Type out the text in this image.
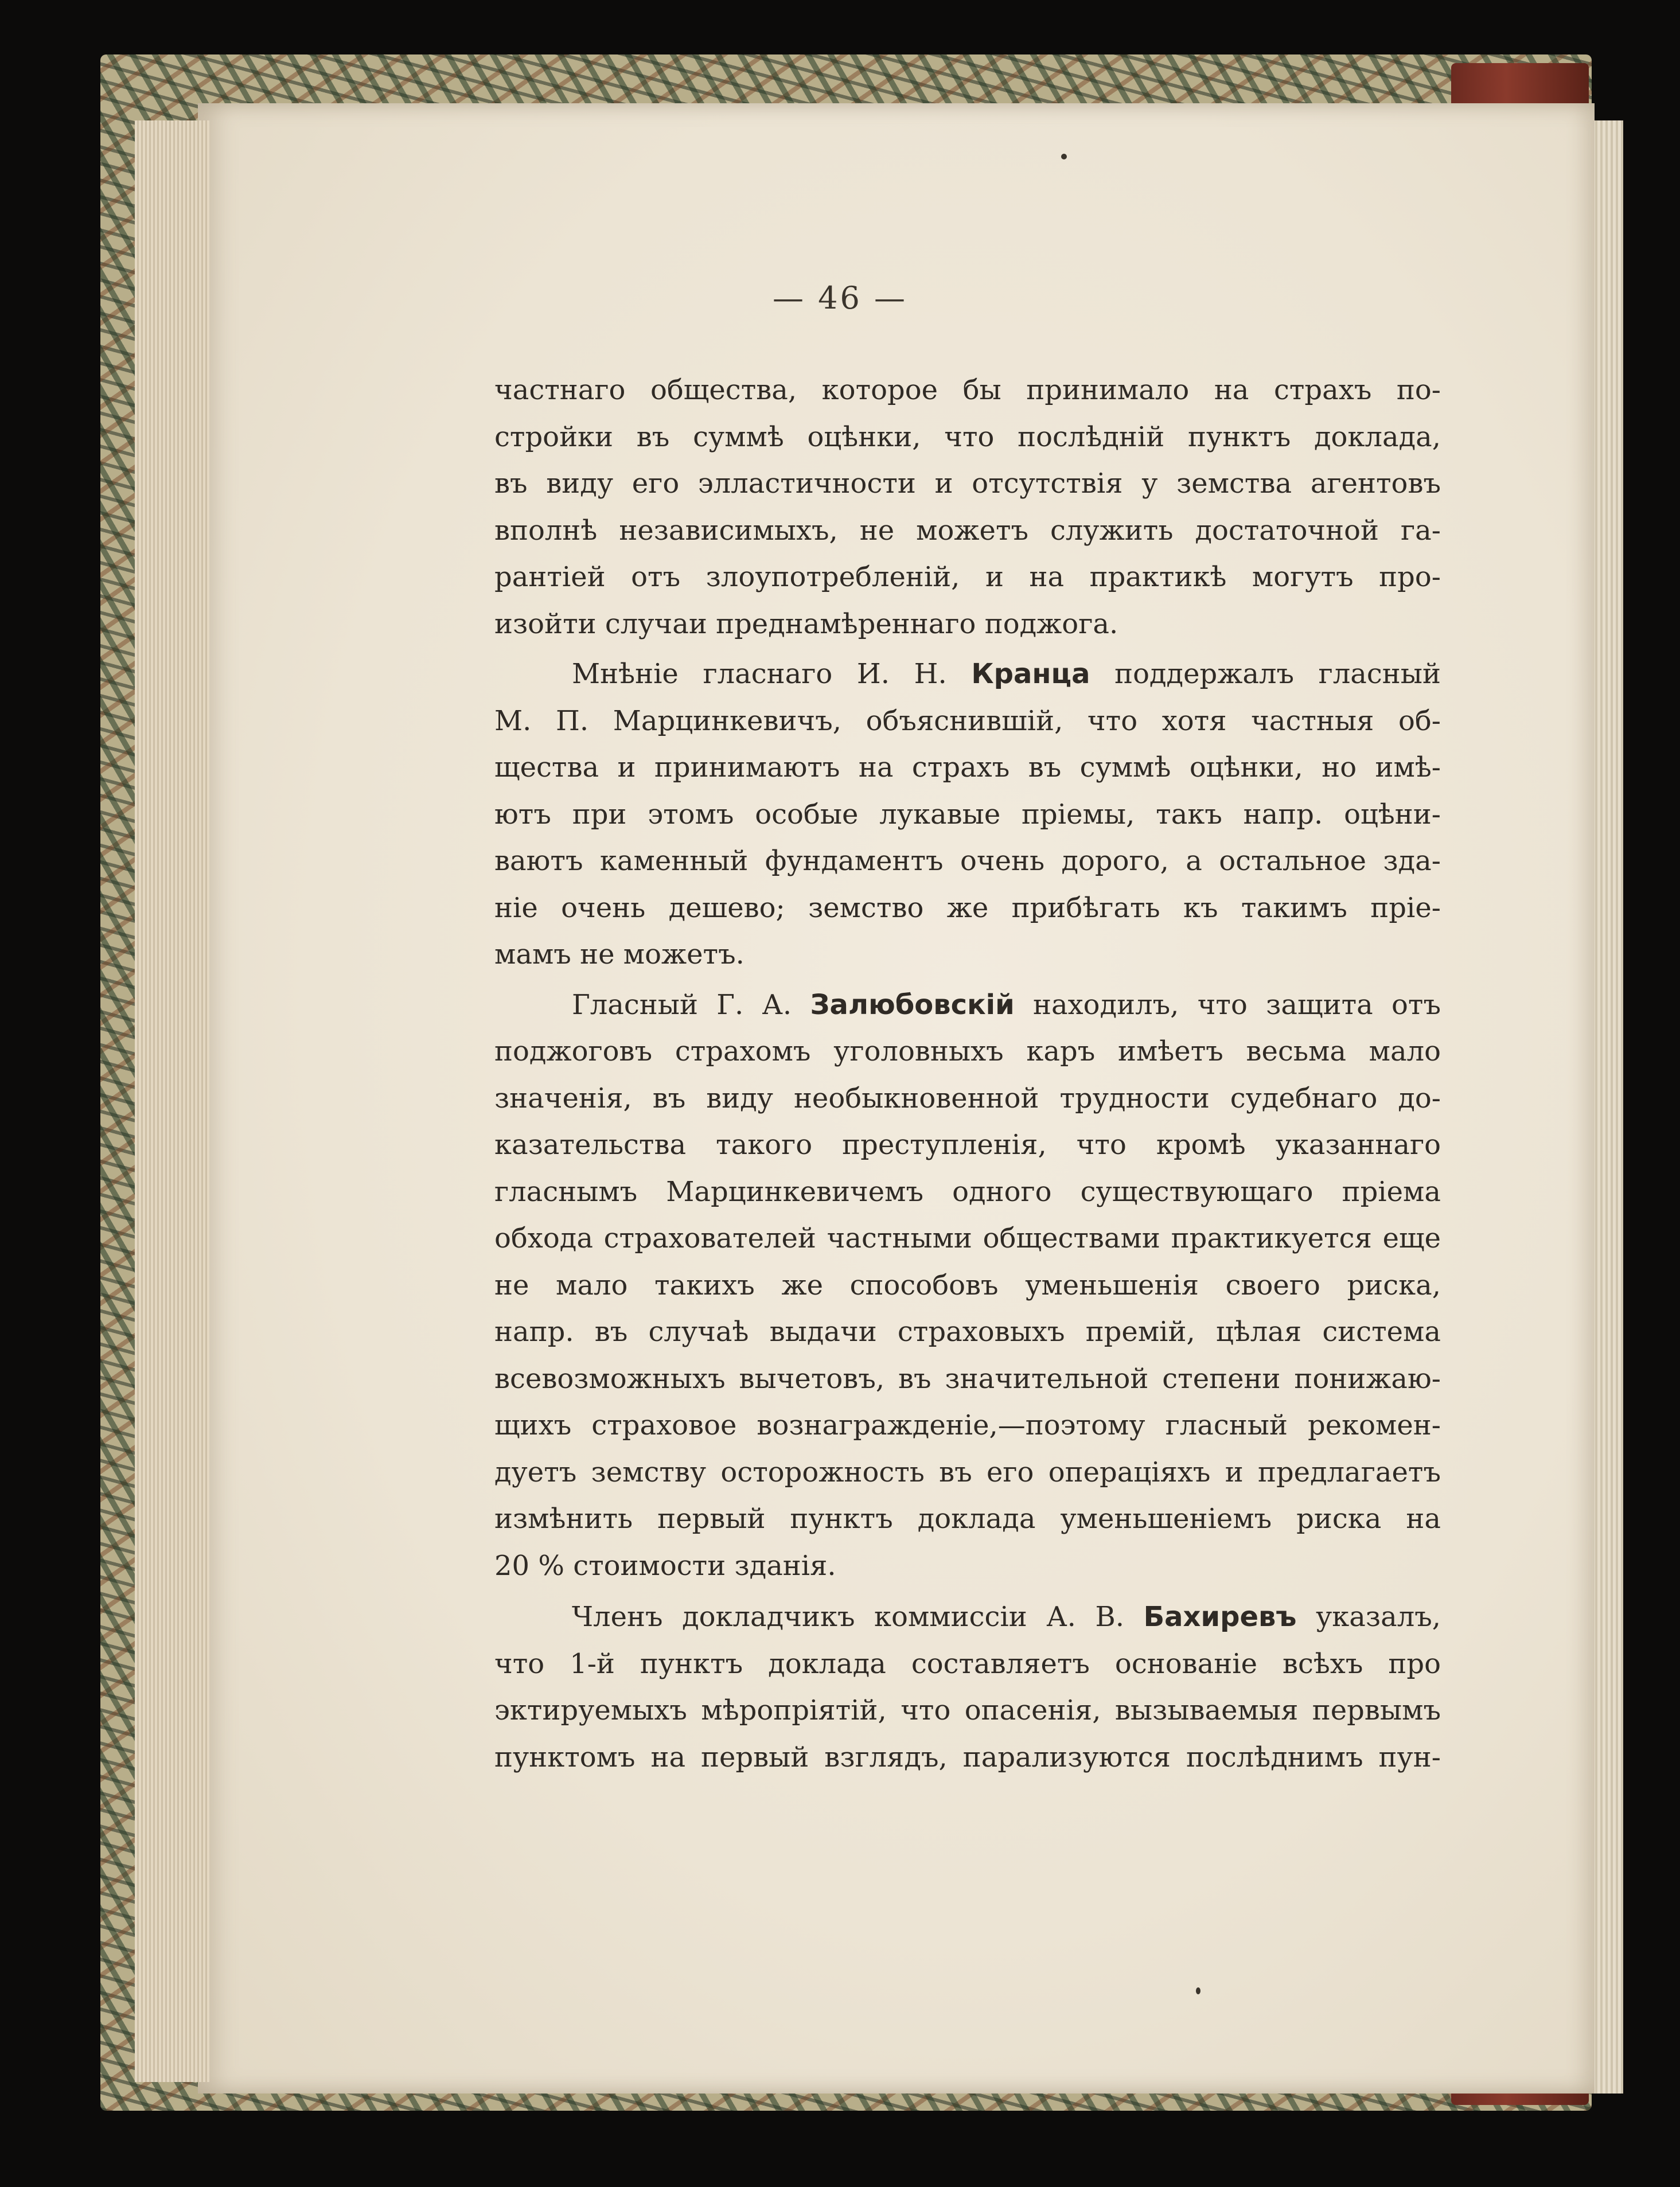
— 46 —
частнаго общества, которое бы принимало на страхъ по-
стройки въ суммѣ оцѣнки, что послѣдній пунктъ доклада,
въ виду его элластичности и отсутствія у земства агентовъ
вполнѣ независимыхъ, не можетъ служить достаточной га-
рантіей отъ злоупотребленій, и на практикѣ могутъ про-
изойти случаи преднамѣреннаго поджога.
Мнѣніе гласнаго И. Н. Кранца поддержалъ гласный
М. П. Марцинкевичъ, объяснившій, что хотя частныя об-
щества и принимаютъ на страхъ въ суммѣ оцѣнки, но имѣ-
ютъ при этомъ особые лукавые пріемы, такъ напр. оцѣни-
ваютъ каменный фундаментъ очень дорого, а остальное зда-
ніе очень дешево; земство же прибѣгать къ такимъ пріе-
мамъ не можетъ.
Гласный Г. А. Залюбовскій находилъ, что защита отъ
поджоговъ страхомъ уголовныхъ каръ имѣетъ весьма мало
значенія, въ виду необыкновенной трудности судебнаго до-
казательства такого преступленія, что кромѣ указаннаго
гласнымъ Марцинкевичемъ одного существующаго пріема
обхода страхователей частными обществами практикуется еще
не мало такихъ же способовъ уменьшенія своего риска,
напр. въ случаѣ выдачи страховыхъ премій, цѣлая система
всевозможныхъ вычетовъ, въ значительной степени понижаю-
щихъ страховое вознагражденіе,—поэтому гласный рекомен-
дуетъ земству осторожность въ его операціяхъ и предлагаетъ
измѣнить первый пунктъ доклада уменьшеніемъ риска на
20 % стоимости зданія.
Членъ докладчикъ коммиссіи А. В. Бахиревъ указалъ,
что 1-й пунктъ доклада составляетъ основаніе всѣхъ про
эктируемыхъ мѣропріятій, что опасенія, вызываемыя первымъ
пунктомъ на первый взглядъ, парализуются послѣднимъ пун-
